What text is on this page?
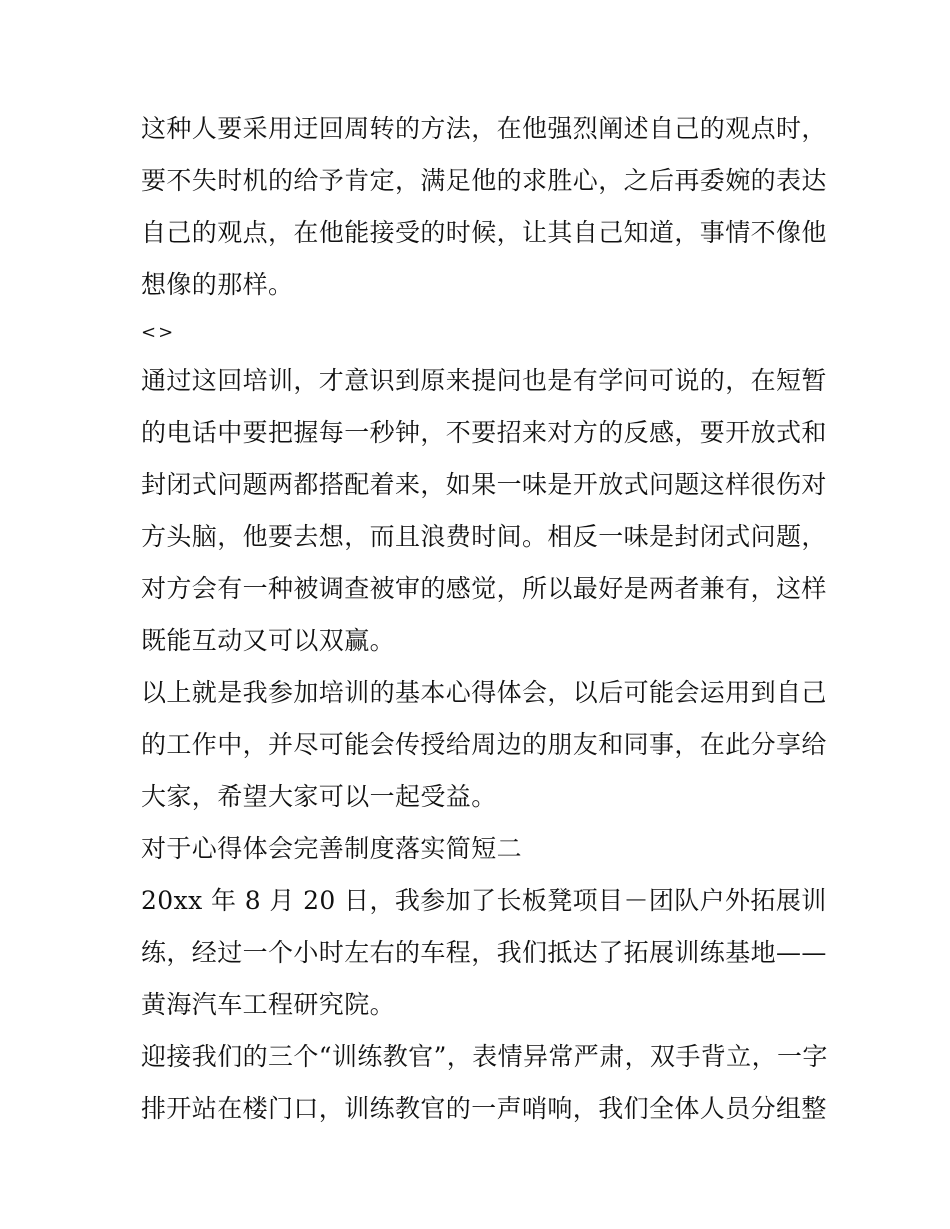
这种人要采用迂回周转的方法，在他强烈阐述自己的观点时，
要不失时机的给予肯定，满足他的求胜心，之后再委婉的表达
自己的观点，在他能接受的时候，让其自己知道，事情不像他
想像的那样。
<>
通过这回培训，才意识到原来提问也是有学问可说的，在短暂
的电话中要把握每一秒钟，不要招来对方的反感，要开放式和
封闭式问题两都搭配着来，如果一味是开放式问题这样很伤对
方头脑，他要去想，而且浪费时间。相反一味是封闭式问题，
对方会有一种被调查被审的感觉，所以最好是两者兼有，这样
既能互动又可以双赢。
以上就是我参加培训的基本心得体会，以后可能会运用到自己
的工作中，并尽可能会传授给周边的朋友和同事，在此分享给
大家，希望大家可以一起受益。
对于心得体会完善制度落实简短二
20xx 年 8 月 20 日，我参加了长板凳项目－团队户外拓展训
练，经过一个小时左右的车程，我们抵达了拓展训练基地——
黄海汽车工程研究院。
迎接我们的三个“训练教官”，表情异常严肃，双手背立，一字
排开站在楼门口，训练教官的一声哨响，我们全体人员分组整
